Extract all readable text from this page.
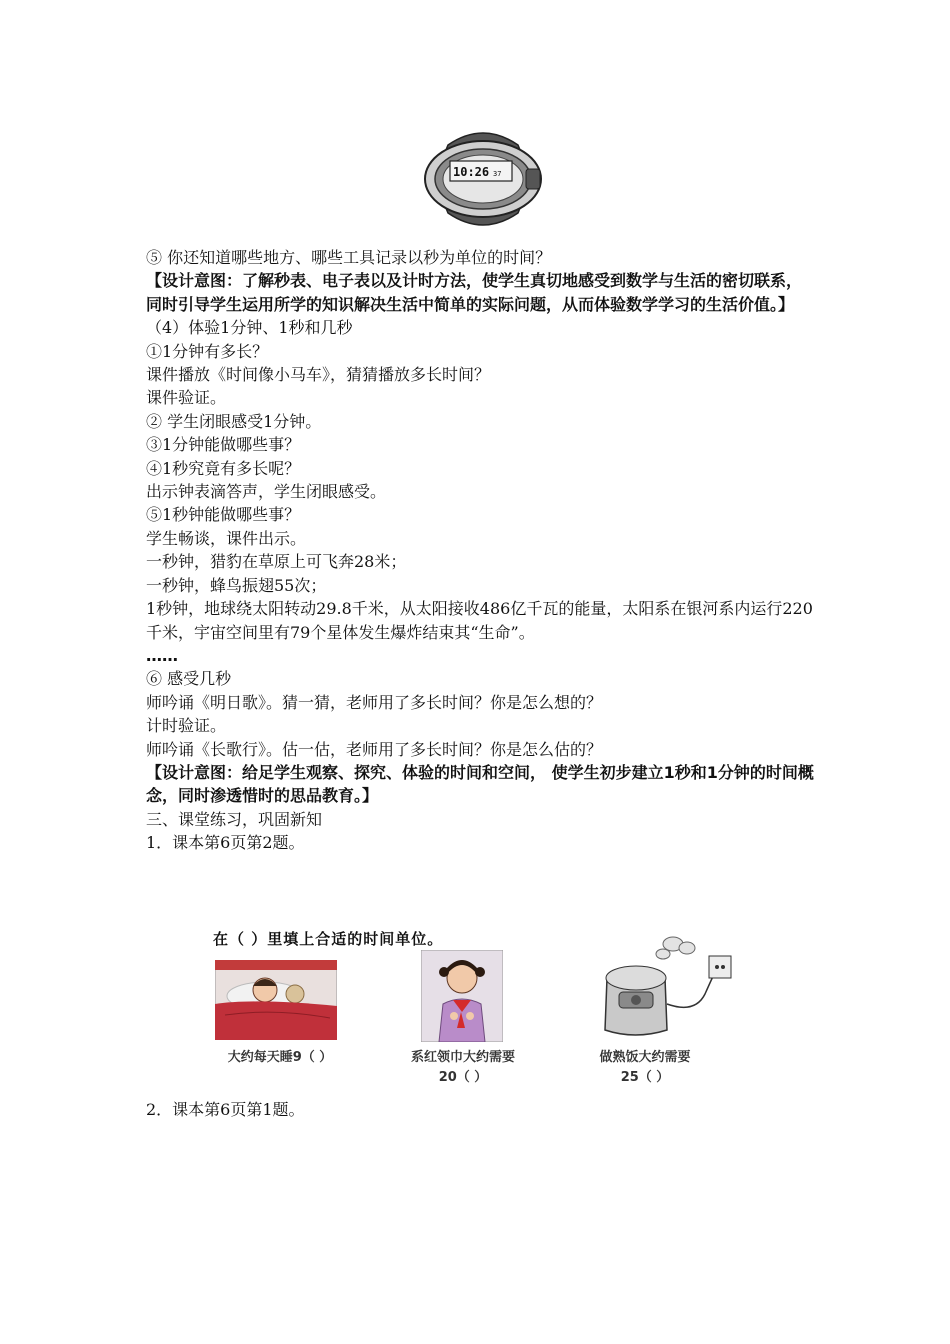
10:26 37
⑤ 你还知道哪些地方、哪些工具记录以秒为单位的时间？
【设计意图：了解秒表、电子表以及计时方法，使学生真切地感受到数学与生活的密切联系，同时引导学生运用所学的知识解决生活中简单的实际问题，从而体验数学学习的生活价值。】
（4）体验1分钟、1秒和几秒
①1分钟有多长？
课件播放《时间像小马车》，猜猜播放多长时间？
课件验证。
② 学生闭眼感受1分钟。
③1分钟能做哪些事？
④1秒究竟有多长呢？
出示钟表滴答声，学生闭眼感受。
⑤1秒钟能做哪些事？
学生畅谈，课件出示。
一秒钟，猎豹在草原上可飞奔28米；
一秒钟，蜂鸟振翅55次；
1秒钟，地球绕太阳转动29.8千米，从太阳接收486亿千瓦的能量，太阳系在银河系内运行220千米，宇宙空间里有79个星体发生爆炸结束其“生命”。
……
⑥ 感受几秒
师吟诵《明日歌》。猜一猜，老师用了多长时间？你是怎么想的？
计时验证。
师吟诵《长歌行》。估一估，老师用了多长时间？你是怎么估的？
【设计意图：给足学生观察、探究、体验的时间和空间， 使学生初步建立1秒和1分钟的时间概念，同时渗透惜时的思品教育。】
三、课堂练习，巩固新知
1．课本第6页第2题。
在（ ）里填上合适的时间单位。
大约每天睡9（ ）	系红领巾大约需要
20（ ）
做熟饭大约需要
25（ ）
2．课本第6页第1题。
